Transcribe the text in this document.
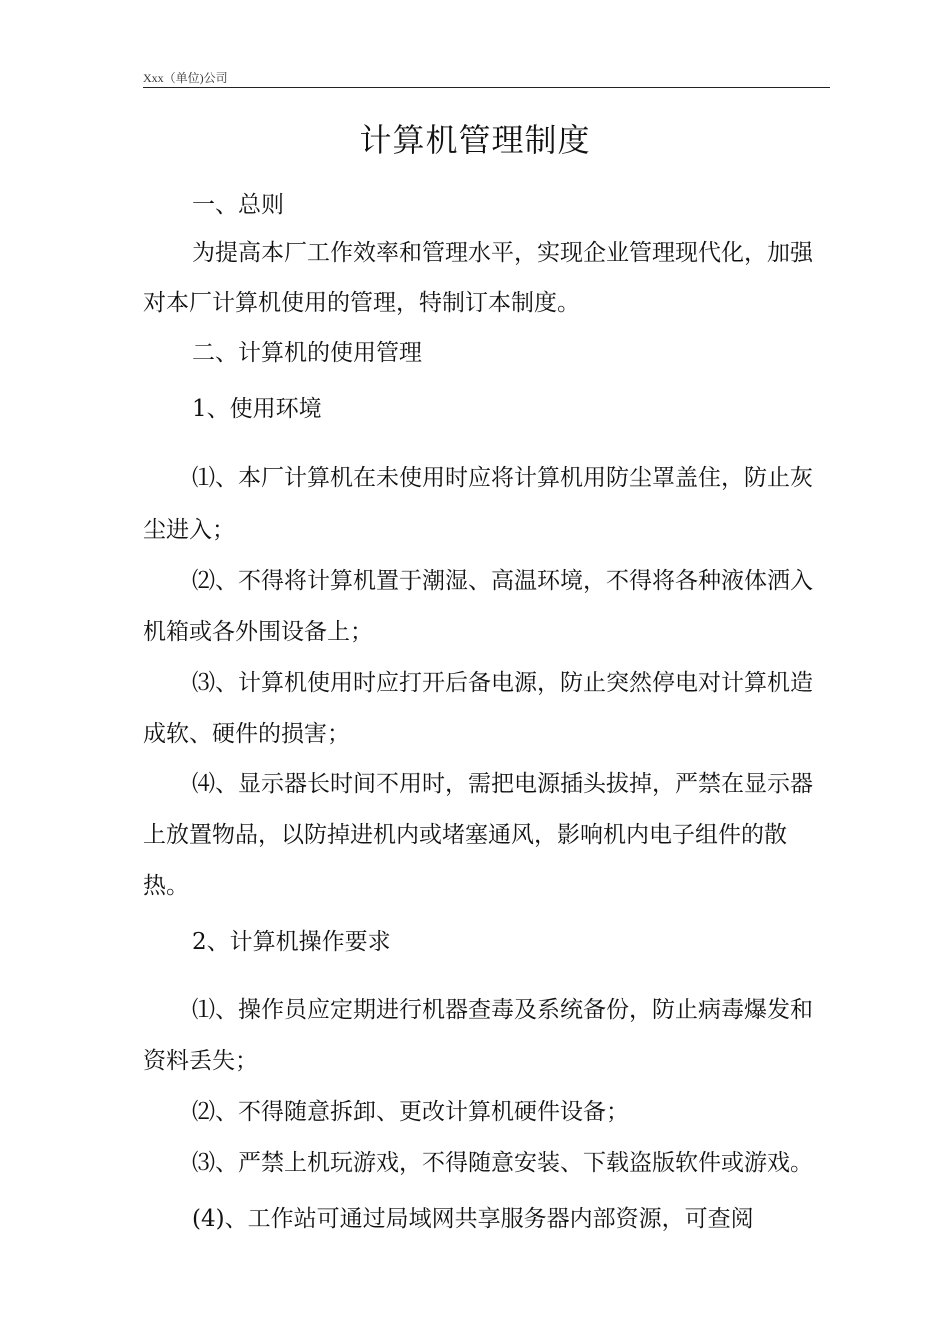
Xxx（单位)公司
计算机管理制度
一、总则
为提高本厂工作效率和管理水平，实现企业管理现代化，加强
对本厂计算机使用的管理，特制订本制度。
二、计算机的使用管理
1、使用环境
⑴、本厂计算机在未使用时应将计算机用防尘罩盖住，防止灰
尘进入；
⑵、不得将计算机置于潮湿、高温环境，不得将各种液体洒入
机箱或各外围设备上；
⑶、计算机使用时应打开后备电源，防止突然停电对计算机造
成软、硬件的损害；
⑷、显示器长时间不用时，需把电源插头拔掉，严禁在显示器
上放置物品，以防掉进机内或堵塞通风，影响机内电子组件的散
热。
2、计算机操作要求
⑴、操作员应定期进行机器查毒及系统备份，防止病毒爆发和
资料丢失；
⑵、不得随意拆卸、更改计算机硬件设备；
⑶、严禁上机玩游戏，不得随意安装、下载盗版软件或游戏。
(4)、工作站可通过局域网共享服务器内部资源，可查阅
